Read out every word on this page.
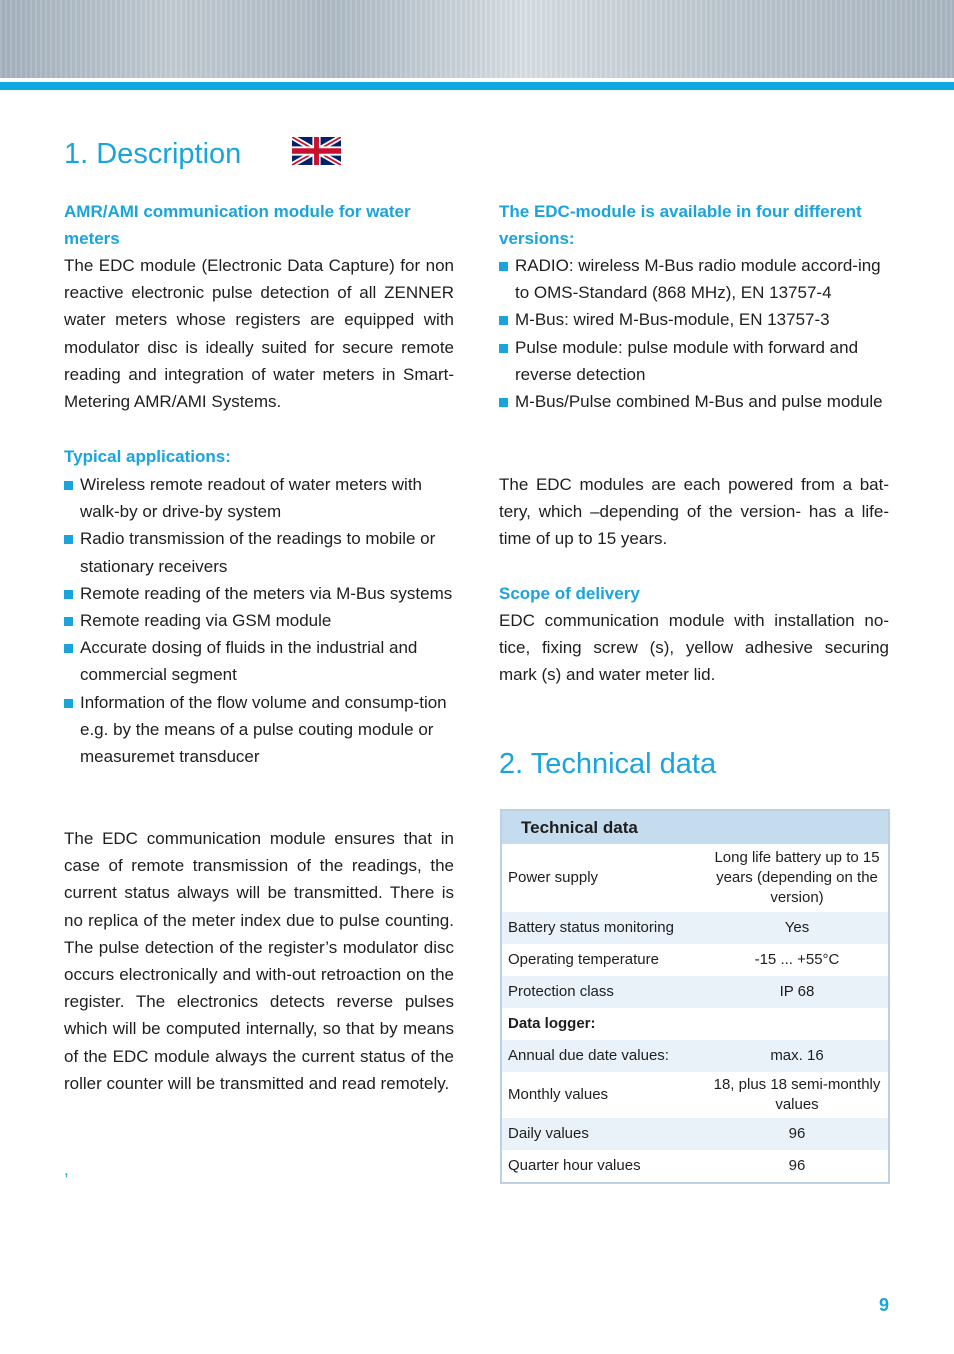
1. Description
AMR/AMI communication module for water meters

The EDC module (Electronic Data Capture) for non reactive electronic pulse detection of all ZENNER water meters whose registers are equipped with modulator disc is ideally suited for secure remote reading and integration of water meters in Smart- Metering AMR/AMI Systems.

Typical applications:
Wireless remote readout of water meters with walk-by or drive-by system
Radio transmission of the readings to mobile or stationary receivers
Remote reading of the meters via M-Bus systems
Remote reading via GSM module
Accurate dosing of fluids in the industrial and commercial segment
Information of the flow volume and consump-tion e.g. by the means of a pulse couting module or measuremet transducer

The EDC communication module ensures that in case of remote transmission of the readings, the current status always will be transmitted. There is no replica of the meter index due to pulse counting. The pulse detection of the register’s modulator disc occurs electronically and with-out retroaction on the register. The electronics detects reverse pulses which will be computed internally, so that by means of the EDC module always the current status of the roller counter will be transmitted and read remotely.

,
The EDC-module is available in four different versions:
RADIO: wireless M-Bus radio module accord-ing to OMS-Standard (868 MHz), EN 13757-4
M-Bus: wired M-Bus-module, EN 13757-3
Pulse module: pulse module with forward and reverse detection
M-Bus/Pulse combined M-Bus and pulse module

The EDC modules are each powered from a bat-tery, which –depending of the version- has a life-time of up to 15 years.

Scope of delivery

EDC communication module with installation no-tice, fixing screw (s), yellow adhesive securing mark (s) and water meter lid.

2. Technical data
Technical data	
Power supply	Long life battery up to 15 years (depending on the version)
Battery status monitoring	Yes
Operating temperature	-15 ... +55°C
Protection class	IP 68
Data logger:	
Annual due date values:	max. 16
Monthly values	18, plus 18 semi-monthly values
Daily values	96
Quarter hour values	96
9
